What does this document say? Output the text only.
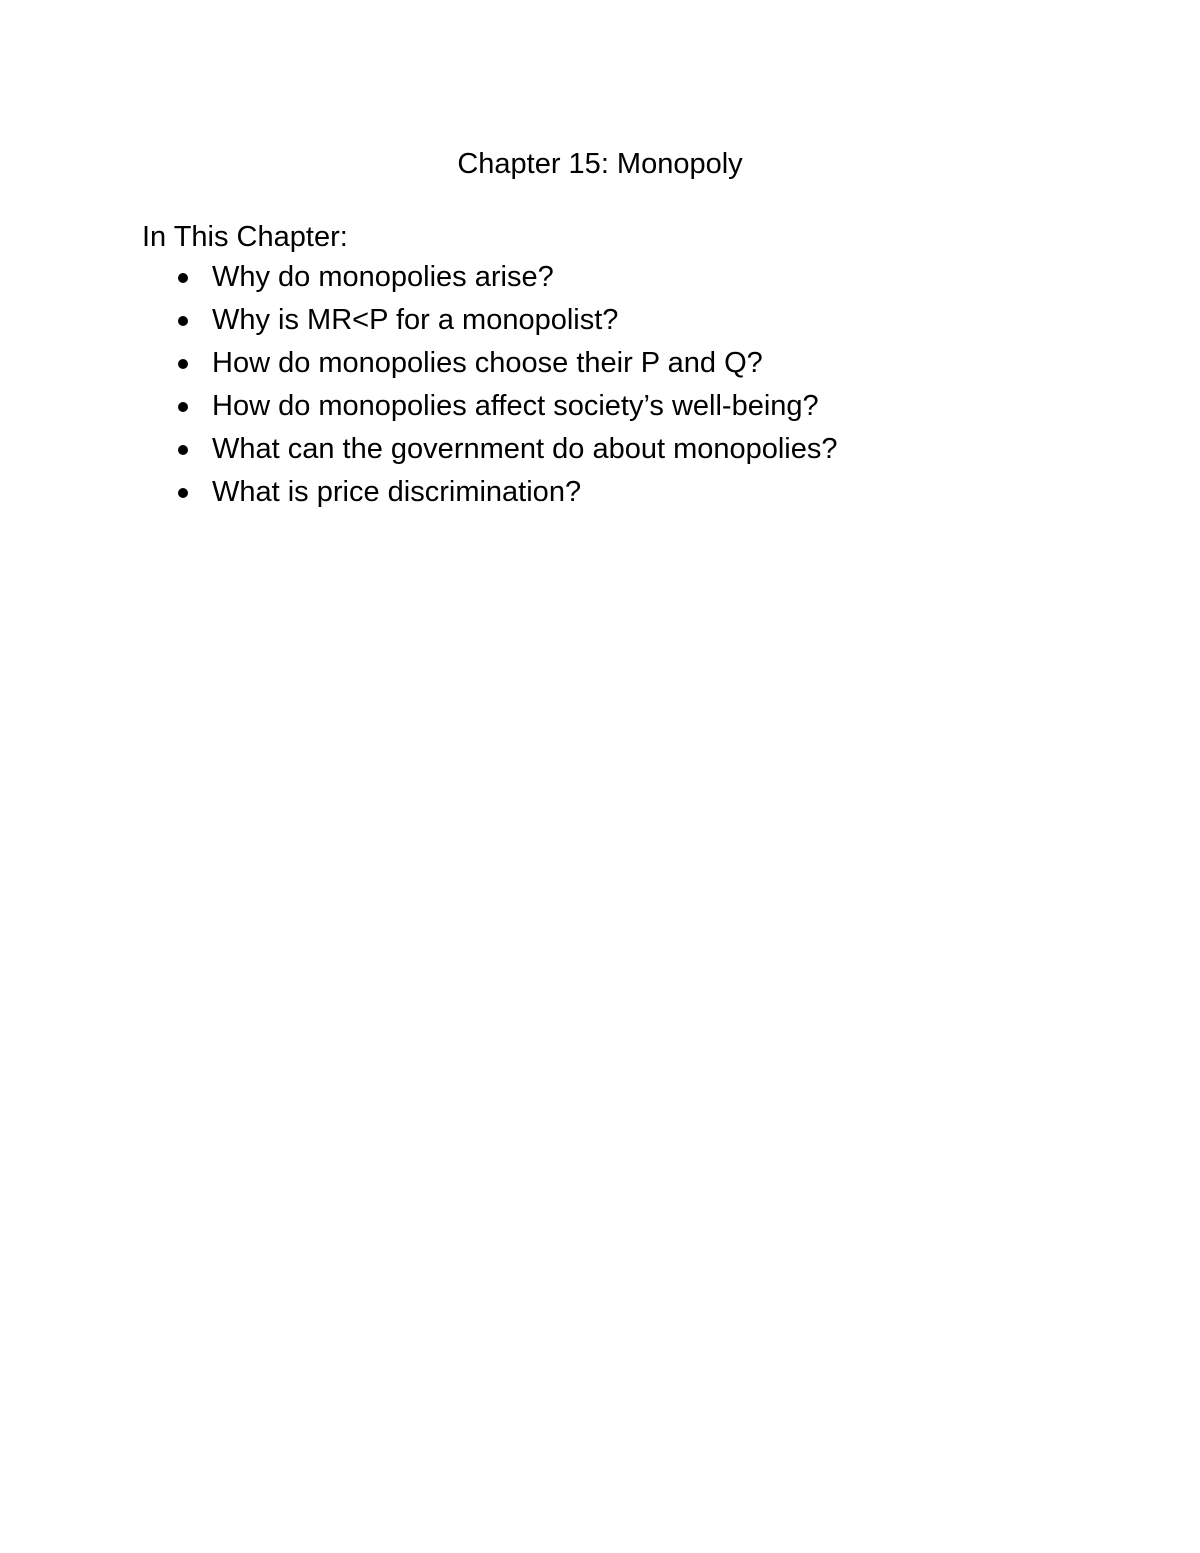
Chapter 15: Monopoly
In This Chapter:
Why do monopolies arise?
Why is MR<P for a monopolist?
How do monopolies choose their P and Q?
How do monopolies affect society’s well-being?
What can the government do about monopolies?
What is price discrimination?
